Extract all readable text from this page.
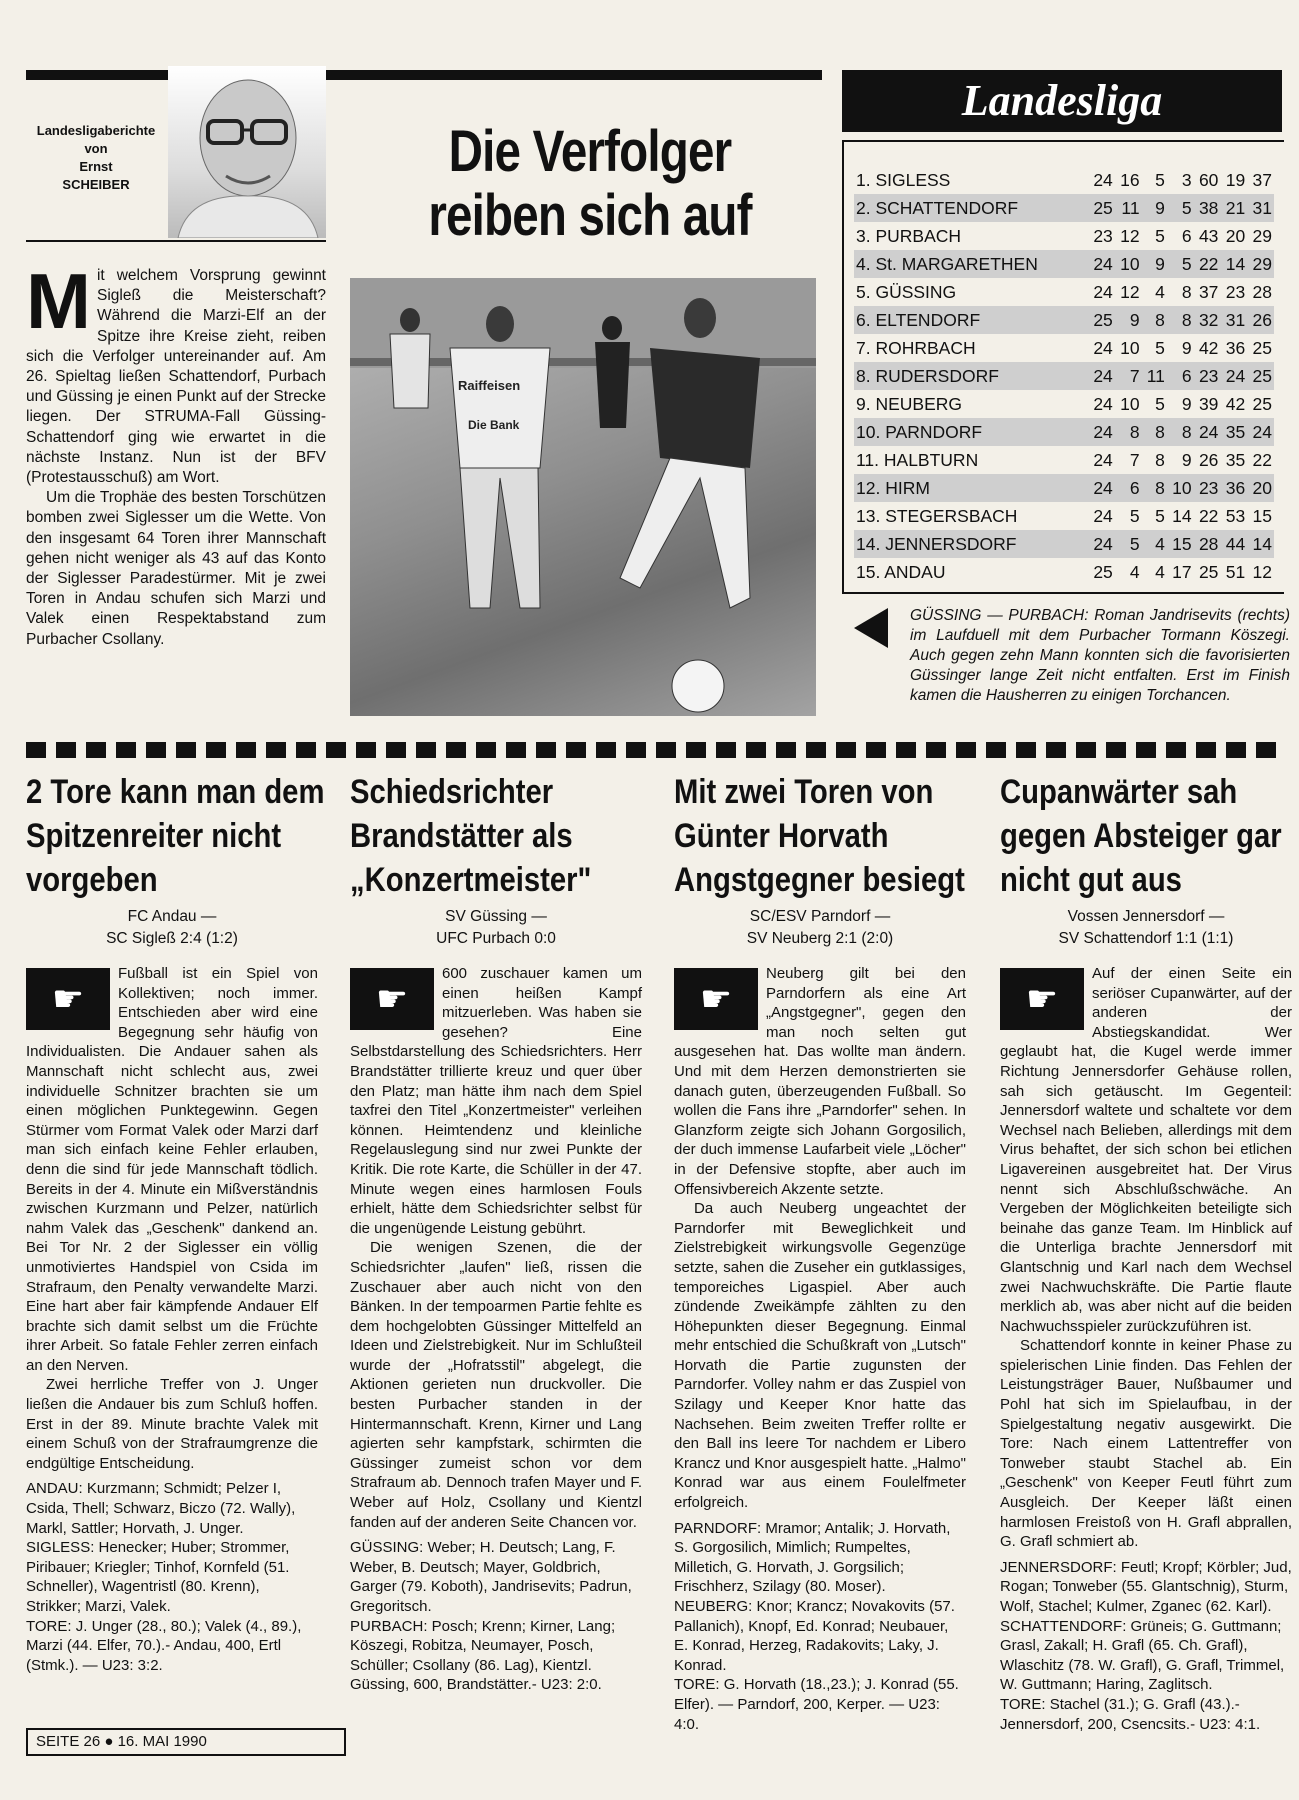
Landesligaberichte
von
Ernst
SCHEIBER
Die Verfolger
reiben sich auf
M it welchem Vorsprung gewinnt Sigleß die Meisterschaft? Während die Marzi-Elf an der Spitze ihre Kreise zieht, reiben sich die Verfolger untereinander auf. Am 26. Spieltag ließen Schattendorf, Purbach und Güssing je einen Punkt auf der Strecke liegen. Der STRUMA-Fall Güssing-Schattendorf ging wie erwartet in die nächste Instanz. Nun ist der BFV (Protestausschuß) am Wort.

Um die Trophäe des besten Torschützen bomben zwei Siglesser um die Wette. Von den insgesamt 64 Toren ihrer Mannschaft gehen nicht weniger als 43 auf das Konto der Siglesser Paradestürmer. Mit je zwei Toren in Andau schufen sich Marzi und Valek einen Respektabstand zum Purbacher Csollany.

Raiffeisen
Die Bank
Landesliga
1. SIGLESS	24	16	5	3	60	19	37
2. SCHATTENDORF	25	11	9	5	38	21	31
3. PURBACH	23	12	5	6	43	20	29
4. St. MARGARETHEN	24	10	9	5	22	14	29
5. GÜSSING	24	12	4	8	37	23	28
6. ELTENDORF	25	9	8	8	32	31	26
7. ROHRBACH	24	10	5	9	42	36	25
8. RUDERSDORF	24	7	11	6	23	24	25
9. NEUBERG	24	10	5	9	39	42	25
10. PARNDORF	24	8	8	8	24	35	24
11. HALBTURN	24	7	8	9	26	35	22
12. HIRM	24	6	8	10	23	36	20
13. STEGERSBACH	24	5	5	14	22	53	15
14. JENNERSDORF	24	5	4	15	28	44	14
15. ANDAU	25	4	4	17	25	51	12
GÜSSING — PURBACH: Roman Jandrisevits (rechts) im Laufduell mit dem Purbacher Tormann Köszegi. Auch gegen zehn Mann konnten sich die favorisierten Güssinger lange Zeit nicht entfalten. Erst im Finish kamen die Hausherren zu einigen Torchancen.
2 Tore kann man dem Spitzenreiter nicht vorgeben
FC Andau —
SC Sigleß 2:4 (1:2)
☛

Fußball ist ein Spiel von Kollektiven; noch immer. Entschieden aber wird eine Begegnung sehr häufig von Individualisten. Die Andauer sahen als Mannschaft nicht schlecht aus, zwei individuelle Schnitzer brachten sie um einen möglichen Punktegewinn. Gegen Stürmer vom Format Valek oder Marzi darf man sich einfach keine Fehler erlauben, denn die sind für jede Mannschaft tödlich. Bereits in der 4. Minute ein Mißverständnis zwischen Kurzmann und Pelzer, natürlich nahm Valek das „Geschenk" dankend an. Bei Tor Nr. 2 der Siglesser ein völlig unmotiviertes Handspiel von Csida im Strafraum, den Penalty verwandelte Marzi. Eine hart aber fair kämpfende Andauer Elf brachte sich damit selbst um die Früchte ihrer Arbeit. So fatale Fehler zerren einfach an den Nerven.

Zwei herrliche Treffer von J. Unger ließen die Andauer bis zum Schluß hoffen. Erst in der 89. Minute brachte Valek mit einem Schuß von der Strafraumgrenze die endgültige Entscheidung.

ANDAU: Kurzmann; Schmidt; Pelzer I, Csida, Thell; Schwarz, Biczo (72. Wally), Markl, Sattler; Horvath, J. Unger.
SIGLESS: Henecker; Huber; Strommer, Piribauer; Kriegler; Tinhof, Kornfeld (51. Schneller), Wagentristl (80. Krenn), Strikker; Marzi, Valek.
TORE: J. Unger (28., 80.); Valek (4., 89.), Marzi (44. Elfer, 70.).- Andau, 400, Ertl (Stmk.). — U23: 3:2.
Schiedsrichter Brandstätter als „Konzertmeister"
SV Güssing —
UFC Purbach 0:0
☛

600 zuschauer kamen um einen heißen Kampf mitzuerleben. Was haben sie gesehen? Eine Selbstdarstellung des Schiedsrichters. Herr Brandstätter trillierte kreuz und quer über den Platz; man hätte ihm nach dem Spiel taxfrei den Titel „Konzertmeister" verleihen können. Heimtendenz und kleinliche Regelauslegung sind nur zwei Punkte der Kritik. Die rote Karte, die Schüller in der 47. Minute wegen eines harmlosen Fouls erhielt, hätte dem Schiedsrichter selbst für die ungenügende Leistung gebührt.

Die wenigen Szenen, die der Schiedsrichter „laufen" ließ, rissen die Zuschauer aber auch nicht von den Bänken. In der tempoarmen Partie fehlte es dem hochgelobten Güssinger Mittelfeld an Ideen und Zielstrebigkeit. Nur im Schlußteil wurde der „Hofratsstil" abgelegt, die Aktionen gerieten nun druckvoller. Die besten Purbacher standen in der Hintermannschaft. Krenn, Kirner und Lang agierten sehr kampfstark, schirmten die Güssinger zumeist schon vor dem Strafraum ab. Dennoch trafen Mayer und F. Weber auf Holz, Csollany und Kientzl fanden auf der anderen Seite Chancen vor.

GÜSSING: Weber; H. Deutsch; Lang, F. Weber, B. Deutsch; Mayer, Goldbrich, Garger (79. Koboth), Jandrisevits; Padrun, Gregoritsch.
PURBACH: Posch; Krenn; Kirner, Lang; Köszegi, Robitza, Neumayer, Posch, Schüller; Csollany (86. Lag), Kientzl.
Güssing, 600, Brandstätter.- U23: 2:0.
Mit zwei Toren von Günter Horvath Angstgegner besiegt
SC/ESV Parndorf —
SV Neuberg 2:1 (2:0)
☛

Neuberg gilt bei den Parndorfern als eine Art „Angstgegner", gegen den man noch selten gut ausgesehen hat. Das wollte man ändern. Und mit dem Herzen demonstrierten sie danach guten, überzeugenden Fußball. So wollen die Fans ihre „Parndorfer" sehen. In Glanzform zeigte sich Johann Gorgosilich, der duch immense Laufarbeit viele „Löcher" in der Defensive stopfte, aber auch im Offensivbereich Akzente setzte.

Da auch Neuberg ungeachtet der Parndorfer mit Beweglichkeit und Zielstrebigkeit wirkungsvolle Gegenzüge setzte, sahen die Zuseher ein gutklassiges, temporeiches Ligaspiel. Aber auch zündende Zweikämpfe zählten zu den Höhepunkten dieser Begegnung. Einmal mehr entschied die Schußkraft von „Lutsch" Horvath die Partie zugunsten der Parndorfer. Volley nahm er das Zuspiel von Szilagy und Keeper Knor hatte das Nachsehen. Beim zweiten Treffer rollte er den Ball ins leere Tor nachdem er Libero Krancz und Knor ausgespielt hatte. „Halmo" Konrad war aus einem Foulelfmeter erfolgreich.

PARNDORF: Mramor; Antalik; J. Horvath, S. Gorgosilich, Mimlich; Rumpeltes, Milletich, G. Horvath, J. Gorgsilich; Frischherz, Szilagy (80. Moser).
NEUBERG: Knor; Krancz; Novakovits (57. Pallanich), Knopf, Ed. Konrad; Neubauer, E. Konrad, Herzeg, Radakovits; Laky, J. Konrad.
TORE: G. Horvath (18.,23.); J. Konrad (55. Elfer). — Parndorf, 200, Kerper. — U23: 4:0.
Cupanwärter sah gegen Absteiger gar nicht gut aus
Vossen Jennersdorf —
SV Schattendorf 1:1 (1:1)
☛

Auf der einen Seite ein seriöser Cupanwärter, auf der anderen der Abstiegskandidat. Wer geglaubt hat, die Kugel werde immer Richtung Jennersdorfer Gehäuse rollen, sah sich getäuscht. Im Gegenteil: Jennersdorf waltete und schaltete vor dem Wechsel nach Belieben, allerdings mit dem Virus behaftet, der sich schon bei etlichen Ligavereinen ausgebreitet hat. Der Virus nennt sich Abschlußschwäche. An Vergeben der Möglichkeiten beteiligte sich beinahe das ganze Team. Im Hinblick auf die Unterliga brachte Jennersdorf mit Glantschnig und Karl nach dem Wechsel zwei Nachwuchskräfte. Die Partie flaute merklich ab, was aber nicht auf die beiden Nachwuchsspieler zurückzuführen ist.

Schattendorf konnte in keiner Phase zu spielerischen Linie finden. Das Fehlen der Leistungsträger Bauer, Nußbaumer und Pohl hat sich im Spielaufbau, in der Spielgestaltung negativ ausgewirkt. Die Tore: Nach einem Lattentreffer von Tonweber staubt Stachel ab. Ein „Geschenk" von Keeper Feutl führt zum Ausgleich. Der Keeper läßt einen harmlosen Freistoß von H. Grafl abprallen, G. Grafl schmiert ab.

JENNERSDORF: Feutl; Kropf; Körbler; Jud, Rogan; Tonweber (55. Glantschnig), Sturm, Wolf, Stachel; Kulmer, Zganec (62. Karl).
SCHATTENDORF: Grüneis; G. Guttmann; Grasl, Zakall; H. Grafl (65. Ch. Grafl), Wlaschitz (78. W. Grafl), G. Grafl, Trimmel, W. Guttmann; Haring, Zaglitsch.
TORE: Stachel (31.); G. Grafl (43.).- Jennersdorf, 200, Csencsits.- U23: 4:1.
SEITE 26 ● 16. MAI 1990
